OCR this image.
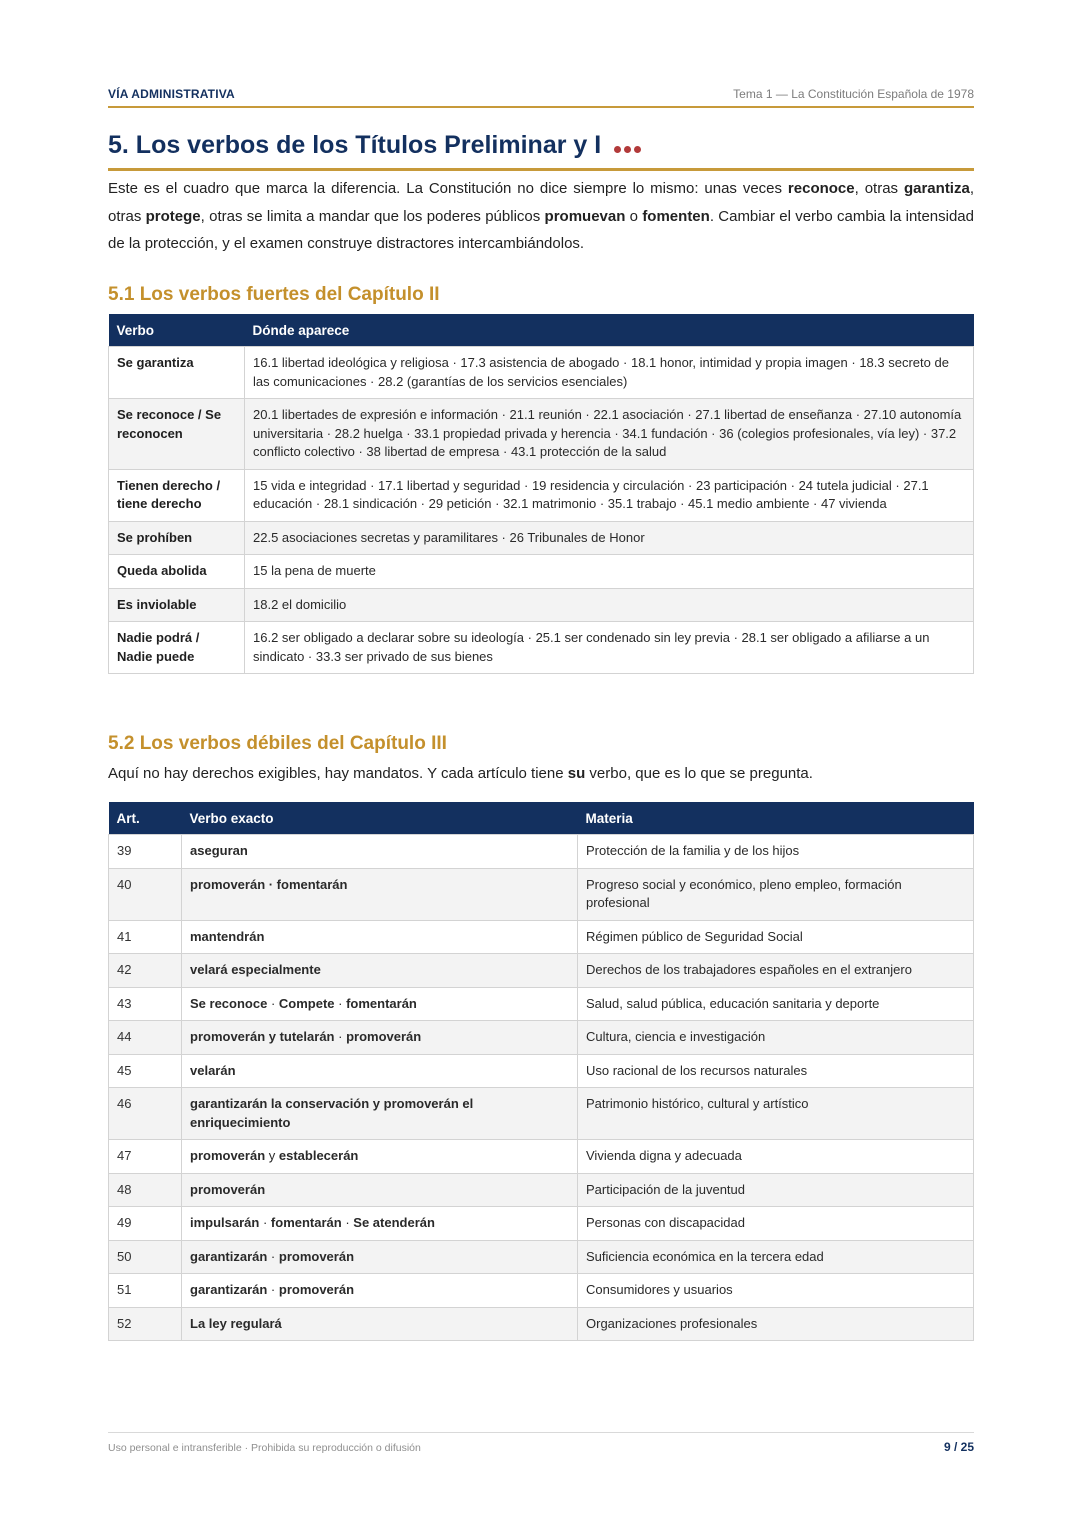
VÍA ADMINISTRATIVA	Tema 1 — La Constitución Española de 1978
5. Los verbos de los Títulos Preliminar y I

Este es el cuadro que marca la diferencia. La Constitución no dice siempre lo mismo: unas veces reconoce, otras garantiza, otras protege, otras se limita a mandar que los poderes públicos promuevan o fomenten. Cambiar el verbo cambia la intensidad de la protección, y el examen construye distractores intercambiándolos.

5.1 Los verbos fuertes del Capítulo II
Verbo	Dónde aparece
Se garantiza	16.1 libertad ideológica y religiosa · 17.3 asistencia de abogado · 18.1 honor, intimidad y propia imagen · 18.3 secreto de las comunicaciones · 28.2 (garantías de los servicios esenciales)
Se reconoce / Se reconocen	20.1 libertades de expresión e información · 21.1 reunión · 22.1 asociación · 27.1 libertad de enseñanza · 27.10 autonomía universitaria · 28.2 huelga · 33.1 propiedad privada y herencia · 34.1 fundación · 36 (colegios profesionales, vía ley) · 37.2 conflicto colectivo · 38 libertad de empresa · 43.1 protección de la salud
Tienen derecho / tiene derecho	15 vida e integridad · 17.1 libertad y seguridad · 19 residencia y circulación · 23 participación · 24 tutela judicial · 27.1 educación · 28.1 sindicación · 29 petición · 32.1 matrimonio · 35.1 trabajo · 45.1 medio ambiente · 47 vivienda
Se prohíben	22.5 asociaciones secretas y paramilitares · 26 Tribunales de Honor
Queda abolida	15 la pena de muerte
Es inviolable	18.2 el domicilio
Nadie podrá / Nadie puede	16.2 ser obligado a declarar sobre su ideología · 25.1 ser condenado sin ley previa · 28.1 ser obligado a afiliarse a un sindicato · 33.3 ser privado de sus bienes
5.2 Los verbos débiles del Capítulo III

Aquí no hay derechos exigibles, hay mandatos. Y cada artículo tiene su verbo, que es lo que se pregunta.

Art.	Verbo exacto	Materia
39	aseguran	Protección de la familia y de los hijos
40	promoverán · fomentarán	Progreso social y económico, pleno empleo, formación profesional
41	mantendrán	Régimen público de Seguridad Social
42	velará especialmente	Derechos de los trabajadores españoles en el extranjero
43	Se reconoce · Compete · fomentarán	Salud, salud pública, educación sanitaria y deporte
44	promoverán y tutelarán · promoverán	Cultura, ciencia e investigación
45	velarán	Uso racional de los recursos naturales
46	garantizarán la conservación y promoverán el enriquecimiento	Patrimonio histórico, cultural y artístico
47	promoverán y establecerán	Vivienda digna y adecuada
48	promoverán	Participación de la juventud
49	impulsarán · fomentarán · Se atenderán	Personas con discapacidad
50	garantizarán · promoverán	Suficiencia económica en la tercera edad
51	garantizarán · promoverán	Consumidores y usuarios
52	La ley regulará	Organizaciones profesionales
Uso personal e intransferible · Prohibida su reproducción o difusión	9 / 25
